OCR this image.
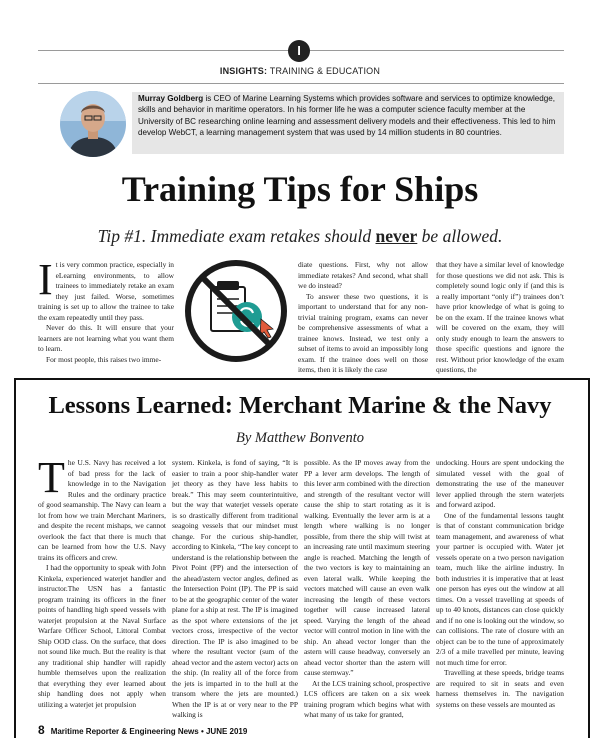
I
INSIGHTS: TRAINING & EDUCATION
Murray Goldberg is CEO of Marine Learning Systems which provides software and services to optimize knowledge, skills and behavior in maritime operators. In his former life he was a computer science faculty member at the University of BC researching online learning and assessment delivery models and their effectiveness. This led to him develop WebCT, a learning management system that was used by 14 million students in 80 countries.
Training Tips for Ships
Tip #1. Immediate exam retakes should never be allowed.

It is very common practice, especially in eLearning environments, to allow trainees to immediately retake an exam they just failed. Worse, sometimes training is set up to allow the trainee to take the exam repeatedly until they pass.

Never do this. It will ensure that your learners are not learning what you want them to learn.

For most people, this raises two imme-

diate questions. First, why not allow immediate retakes? And second, what shall we do instead?

To answer these two questions, it is important to understand that for any non-trivial training program, exams can never be comprehensive assessments of what a trainee knows. Instead, we test only a subset of items to avoid an impossibly long exam. If the trainee does well on those items, then it is likely the case

that they have a similar level of knowledge for those questions we did not ask. This is completely sound logic only if (and this is a really important “only if”) trainees don’t have prior knowledge of what is going to be on the exam. If the trainee knows what will be covered on the exam, they will only study enough to learn the answers to those specific questions and ignore the rest. Without prior knowledge of the exam questions, the

Lessons Learned: Merchant Marine & the Navy
By Matthew Bonvento

The U.S. Navy has received a lot of bad press for the lack of knowledge in to the Navigation Rules and the ordinary practice of good seamanship. The Navy can learn a lot from how we train Merchant Mariners, and despite the recent mishaps, we cannot overlook the fact that there is much that can be learned from how the U.S. Navy trains its officers and crew.

I had the opportunity to speak with John Kinkela, experienced waterjet handler and instructor.The USN has a fantastic program training its officers in the finer points of handling high speed vessels with waterjet propulsion at the Naval Surface Warfare Officer School, Littoral Combat Ship OOD class. On the surface, that does not sound like much. But the reality is that any traditional ship handler will rapidly humble themselves upon the realization that everything they ever learned about ship handling does not apply when utilizing a waterjet jet propulsion

system. Kinkela, is fond of saying, “It is easier to train a poor ship-handler water jet theory as they have less habits to break.” This may seem counterintuitive, but the way that waterjet vessels operate is so drastically different from traditional seagoing vessels that our mindset must change. For the curious ship-handler, according to Kinkela, “The key concept to understand is the relationship between the Pivot Point (PP) and the intersection of the ahead/astern vector angles, defined as the Intersection Point (IP). The PP is said to be at the geographic center of the water plane for a ship at rest. The IP is imagined as the spot where extensions of the jet vectors cross, irrespective of the vector direction. The IP is also imagined to be where the resultant vector (sum of the ahead vector and the astern vector) acts on the ship. (In reality all of the force from the jets is imparted in to the hull at the transom where the jets are mounted.) When the IP is at or very near to the PP walking is

possible. As the IP moves away from the PP a lever arm develops. The length of this lever arm combined with the direction and strength of the resultant vector will cause the ship to start rotating as it is walking. Eventually the lever arm is at a length where walking is no longer possible, from there the ship will twist at an increasing rate until maximum steering angle is reached. Matching the length of the two vectors is key to maintaining an even lateral walk. While keeping the vectors matched will cause an even walk increasing the length of these vectors together will cause increased lateral speed. Varying the length of the ahead vector will control motion in line with the ship. An ahead vector longer than the astern will cause headway, conversely an ahead vector shorter than the astern will cause sternway.”

At the LCS training school, prospective LCS officers are taken on a six week training program which begins what with what many of us take for granted,

undocking. Hours are spent undocking the simulated vessel with the goal of demonstrating the use of the maneuver lever applied through the stern waterjets and forward azipod.

One of the fundamental lessons taught is that of constant communication bridge team management, and awareness of what your partner is occupied with. Water jet vessels operate on a two person navigation team, much like the airline industry. In both industries it is imperative that at least one person has eyes out the window at all times. On a vessel travelling at speeds of up to 40 knots, distances can close quickly and if no one is looking out the window, so can collisions. The rate of closure with an object can be to the tune of approximately 2/3 of a mile travelled per minute, leaving not much time for error.

Travelling at these speeds, bridge teams are required to sit in seats and even harness themselves in. The navigation systems on these vessels are mounted as

8 Maritime Reporter & Engineering News • JUNE 2019
